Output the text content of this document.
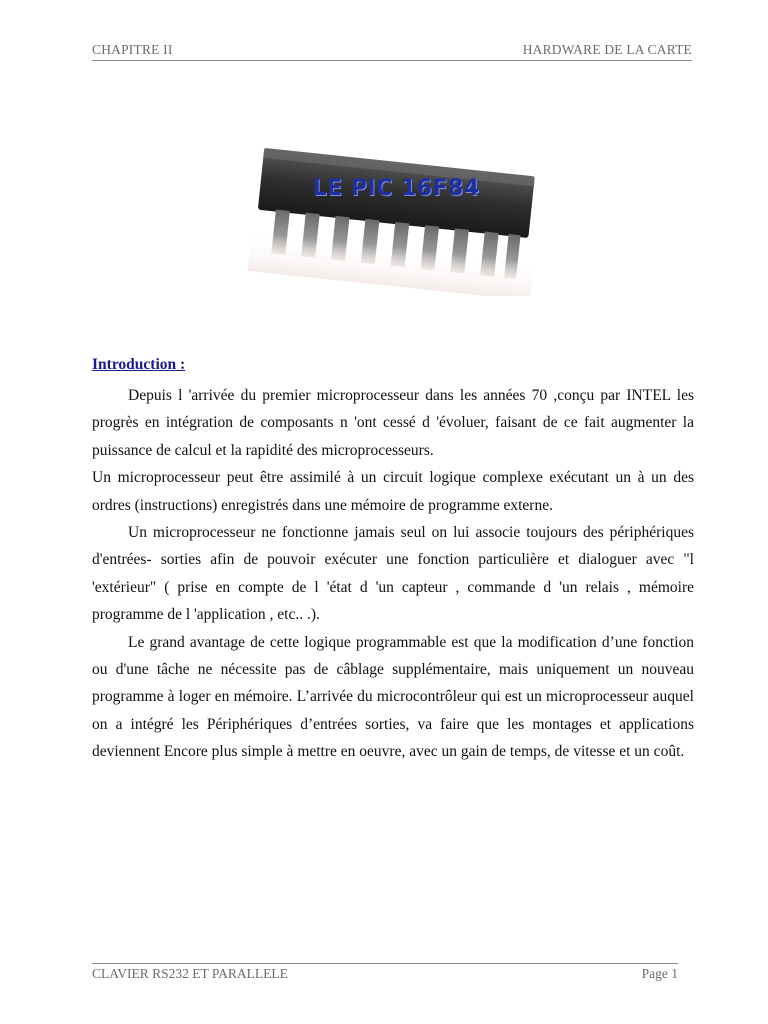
CHAPITRE II	HARDWARE DE LA CARTE
LE PIC 16F84
Introduction :

Depuis l 'arrivée du premier microprocesseur dans les années 70 ,conçu par INTEL les progrès en intégration de composants n 'ont cessé d 'évoluer, faisant de ce fait augmenter la puissance de calcul et la rapidité des microprocesseurs.

Un microprocesseur peut être assimilé à un circuit logique complexe exécutant un à un des ordres (instructions) enregistrés dans une mémoire de programme externe.

Un microprocesseur ne fonctionne jamais seul on lui associe toujours des périphériques d'entrées- sorties afin de pouvoir exécuter une fonction particulière et dialoguer avec "l 'extérieur" ( prise en compte de l 'état d 'un capteur , commande d 'un relais , mémoire programme de l 'application , etc.. .).

Le grand avantage de cette logique programmable est que la modification d’une fonction ou d'une tâche ne nécessite pas de câblage supplémentaire, mais uniquement un nouveau programme à loger en mémoire. L’arrivée du microcontrôleur qui est un microprocesseur auquel on a intégré les Périphériques d’entrées sorties, va faire que les montages et applications deviennent Encore plus simple à mettre en oeuvre, avec un gain de temps, de vitesse et un coût.

CLAVIER RS232 ET PARALLELE	Page 1
